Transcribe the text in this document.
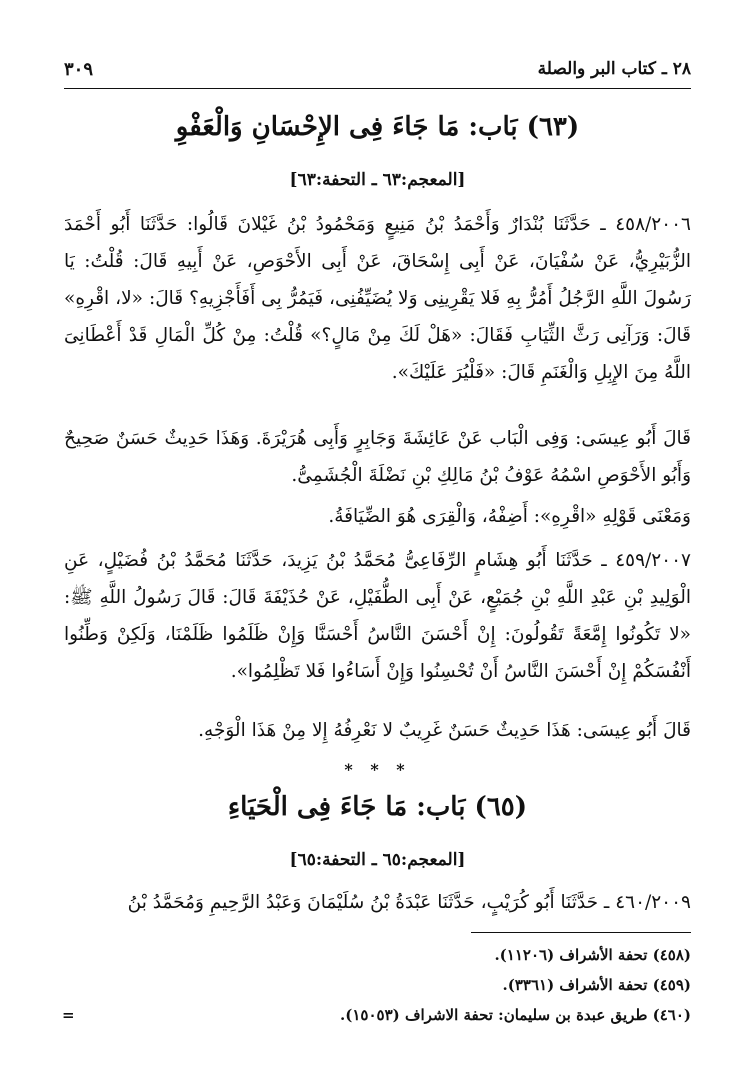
٢٨ ـ كتاب البر والصلة
٣٠٩
(٦٣) بَاب: مَا جَاءَ فِى الإِحْسَانِ وَالْعَفْوِ
[المعجم:٦٣ ـ التحفة:٦٣]
٤٥٨/٢٠٠٦ ـ حَدَّثَنَا بُنْدَارٌ وَأَحْمَدُ بْنُ مَنِيعٍ وَمَحْمُودُ بْنُ غَيْلانَ قَالُوا: حَدَّثَنَا أَبُو أَحْمَدَ الزُّبَيْرِيُّ، عَنْ سُفْيَانَ، عَنْ أَبِى إِسْحَاقَ، عَنْ أَبِى الأَحْوَصِ، عَنْ أَبِيهِ قَالَ: قُلْتُ: يَا رَسُولَ اللَّهِ الرَّجُلُ أَمُرُّ بِهِ فَلا يَقْرِينِى وَلا يُضَيِّفُنِى، فَيَمُرُّ بِى أَفَأَجْزِيهِ؟ قَالَ: «لا، اقْرِهِ» قَالَ: وَرَآنِى رَثَّ الثِّيَابِ فَقَالَ: «هَلْ لَكَ مِنْ مَالٍ؟» قُلْتُ: مِنْ كُلِّ الْمَالِ قَدْ أَعْطَانِىَ اللَّهُ مِنَ الإِبِلِ وَالْغَنَمِ قَالَ: «فَلْيُرَ عَلَيْكَ».
قَالَ أَبُو عِيسَى: وَفِى الْبَاب عَنْ عَائِشَةَ وَجَابِرٍ وَأَبِى هُرَيْرَةَ. وَهَذَا حَدِيثٌ حَسَنٌ صَحِيحٌ وَأَبُو الأَحْوَصِ اسْمُهُ عَوْفُ بْنُ مَالِكِ بْنِ نَضْلَةَ الْجُشَمِىُّ.
وَمَعْنَى قَوْلِهِ «اقْرِهِ»: أَضِفْهُ، وَالْقِرَى هُوَ الضِّيَافَةُ.
٤٥٩/٢٠٠٧ ـ حَدَّثَنَا أَبُو هِشَامٍ الرِّفَاعِىُّ مُحَمَّدُ بْنُ يَزِيدَ، حَدَّثَنَا مُحَمَّدُ بْنُ فُضَيْلٍ، عَنِ الْوَلِيدِ بْنِ عَبْدِ اللَّهِ بْنِ جُمَيْعٍ، عَنْ أَبِى الطُّفَيْلِ، عَنْ حُذَيْفَةَ قَالَ: قَالَ رَسُولُ اللَّهِ ﷺ: «لا تَكُونُوا إِمَّعَةً تَقُولُونَ: إِنْ أَحْسَنَ النَّاسُ أَحْسَنَّا وَإِنْ ظَلَمُوا ظَلَمْنَا، وَلَكِنْ وَطِّنُوا أَنْفُسَكُمْ إِنْ أَحْسَنَ النَّاسُ أَنْ تُحْسِنُوا وَإِنْ أَسَاءُوا فَلا تَظْلِمُوا».
قَالَ أَبُو عِيسَى: هَذَا حَدِيثٌ حَسَنٌ غَرِيبٌ لا نَعْرِفُهُ إِلا مِنْ هَذَا الْوَجْهِ.
* * *
(٦٥) بَاب: مَا جَاءَ فِى الْحَيَاءِ
[المعجم:٦٥ ـ التحفة:٦٥]
٤٦٠/٢٠٠٩ ـ حَدَّثَنَا أَبُو كُرَيْبٍ، حَدَّثَنَا عَبْدَةُ بْنُ سُلَيْمَانَ وَعَبْدُ الرَّحِيمِ وَمُحَمَّدُ بْنُ
(٤٥٨) تحفة الأشراف (١١٢٠٦).
(٤٥٩) تحفة الأشراف (٣٣٦١).
(٤٦٠) طريق عبدة بن سليمان: تحفة الاشراف (١٥٠٥٣).
=
